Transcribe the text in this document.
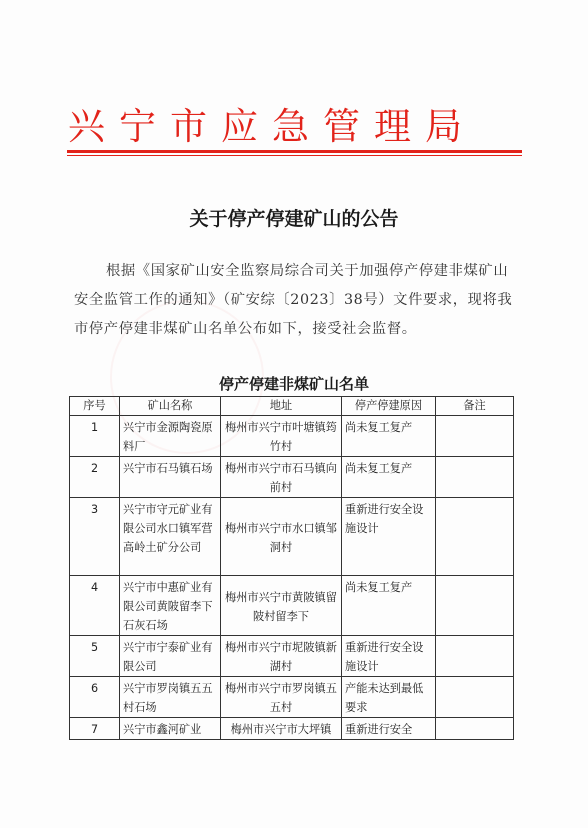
兴宁市应急管理局
关于停产停建矿山的公告

根据《国家矿山安全监察局综合司关于加强停产停建非煤矿山安全监管工作的通知》（矿安综〔2023〕38号）文件要求，现将我市停产停建非煤矿山名单公布如下，接受社会监督。

停产停建非煤矿山名单
序号	矿山名称	地址	停产停建原因	备注
1	兴宁市金源陶瓷原料厂	梅州市兴宁市叶塘镇筠竹村	尚未复工复产	
2	兴宁市石马镇石场	梅州市兴宁市石马镇向前村	尚未复工复产	
3	兴宁市守元矿业有限公司水口镇军营高岭土矿分公司	梅州市兴宁市水口镇邹洞村	重新进行安全设施设计	
4	兴宁市中惠矿业有限公司黄陂留李下石灰石场	梅州市兴宁市黄陂镇留陂村留李下	尚未复工复产	
5	兴宁市宁泰矿业有限公司	梅州市兴宁市坭陂镇新湖村	重新进行安全设施设计	
6	兴宁市罗岗镇五五村石场	梅州市兴宁市罗岗镇五五村	产能未达到最低要求	
7	兴宁市鑫河矿业	梅州市兴宁市大坪镇	重新进行安全	
